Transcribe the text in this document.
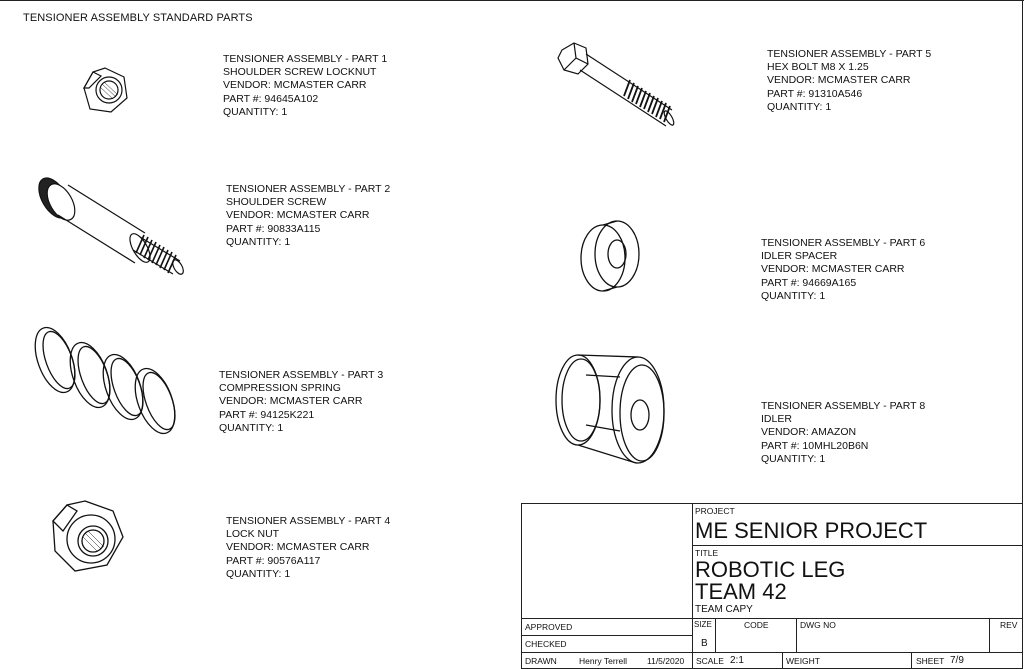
TENSIONER ASSEMBLY STANDARD PARTS
TENSIONER ASSEMBLY - PART 1
SHOULDER SCREW LOCKNUT
VENDOR: MCMASTER CARR
PART #: 94645A102
QUANTITY: 1
TENSIONER ASSEMBLY - PART 2
SHOULDER SCREW
VENDOR: MCMASTER CARR
PART #: 90833A115
QUANTITY: 1
TENSIONER ASSEMBLY - PART 3
COMPRESSION SPRING
VENDOR: MCMASTER CARR
PART #: 94125K221
QUANTITY: 1
TENSIONER ASSEMBLY - PART 4
LOCK NUT
VENDOR: MCMASTER CARR
PART #: 90576A117
QUANTITY: 1
TENSIONER ASSEMBLY - PART 5
HEX BOLT M8 X 1.25
VENDOR: MCMASTER CARR
PART #: 91310A546
QUANTITY: 1
TENSIONER ASSEMBLY - PART 6
IDLER SPACER
VENDOR: MCMASTER CARR
PART #: 94669A165
QUANTITY: 1
TENSIONER ASSEMBLY - PART 8
IDLER
VENDOR: AMAZON
PART #: 10MHL20B6N
QUANTITY: 1
PROJECT
ME SENIOR PROJECT
TITLE
ROBOTIC LEG
TEAM 42
TEAM CAPY
APPROVED
CHECKED
DRAWN	Henry Terrell 11/5/2020
SIZE
B
CODE	DWG NO	REV
SCALE 2:1	WEIGHT	SHEET 7/9
